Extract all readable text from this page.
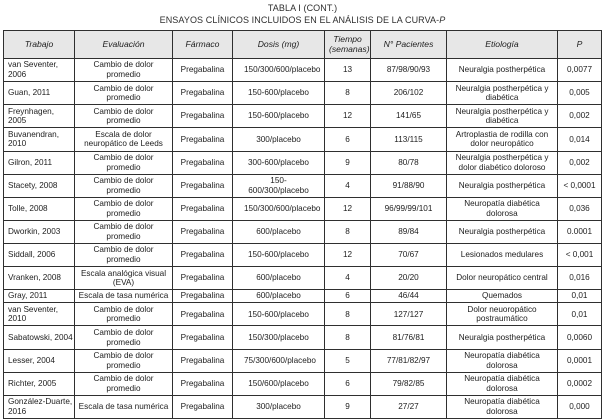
TABLA I (CONT.)
ENSAYOS CLÍNICOS INCLUIDOS EN EL ANÁLISIS DE LA CURVA-P
Trabajo	Evaluación	Fármaco	Dosis (mg)	Tiempo (semanas)	N° Pacientes	Etiología	P
van Seventer, 2006	Cambio de dolor promedio	Pregabalina	150/300/600/placebo	13	87/98/90/93	Neuralgia postherpética	0,0077
Guan, 2011	Cambio de dolor promedio	Pregabalina	150-600/placebo	8	206/102	Neuralgia postherpética y diabética	0,005
Freynhagen, 2005	Cambio de dolor promedio	Pregabalina	150-600/placebo	12	141/65	Neuralgia postherpética y diabética	0,002
Buvanendran, 2010	Escala de dolor neuropático de Leeds	Pregabalina	300/placebo	6	113/115	Artroplastia de rodilla con dolor neuropático	0,014
Gilron, 2011	Cambio de dolor promedio	Pregabalina	300-600/placebo	9	80/78	Neuralgia postherpética y dolor diabético doloroso	0,002
Stacety, 2008	Cambio de dolor promedio	Pregabalina	150-600/300/placebo	4	91/88/90	Neuralgia postherpética	< 0,0001
Tolle, 2008	Cambio de dolor promedio	Pregabalina	150/300/600/placebo	12	96/99/99/101	Neuropatía diabética dolorosa	0,036
Dworkin, 2003	Cambio de dolor promedio	Pregabalina	600/placebo	8	89/84	Neuralgia postherpética	0.0001
Siddall, 2006	Cambio de dolor promedio	Pregabalina	150-600/placebo	12	70/67	Lesionados medulares	< 0,001
Vranken, 2008	Escala analógica visual (EVA)	Pregabalina	600/placebo	4	20/20	Dolor neuropático central	0,016
Gray, 2011	Escala de tasa numérica	Pregabalina	600/placebo	6	46/44	Quemados	0,01
van Seventer, 2010	Cambio de dolor promedio	Pregabalina	150-600/placebo	8	127/127	Dolor neuoropático postraumático	0,01
Sabatowski, 2004	Cambio de dolor promedio	Pregabalina	150/300/placebo	8	81/76/81	Neuralgia postherpética	0,0060
Lesser, 2004	Cambio de dolor promedio	Pregabalina	75/300/600/placebo	5	77/81/82/97	Neuropatía diabética dolorosa	0,0001
Richter, 2005	Cambio de dolor promedio	Pregabalina	150/600/placebo	6	79/82/85	Neuropatía diabética dolorosa	0,0002
González-Duarte, 2016	Escala de tasa numérica	Pregabalina	300/placebo	9	27/27	Neuropatía diabética dolorosa	0,000
